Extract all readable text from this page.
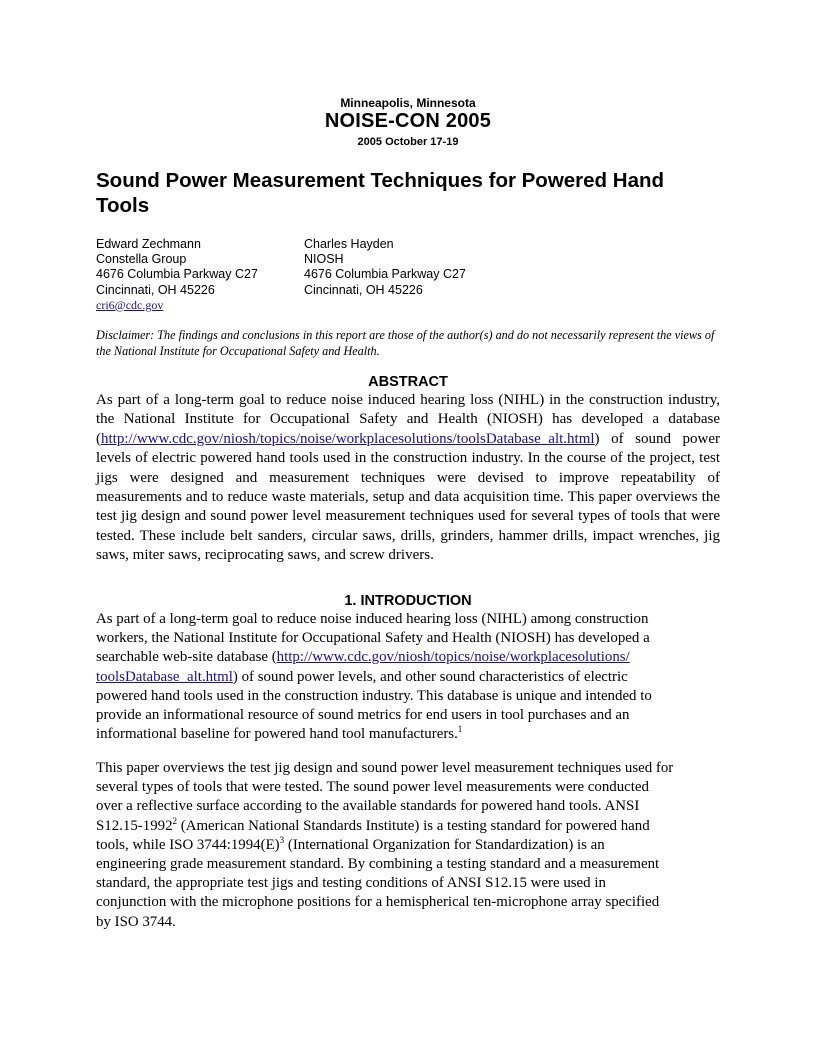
Minneapolis, Minnesota
NOISE-CON 2005
2005 October 17-19
Sound Power Measurement Techniques for Powered Hand Tools
Edward Zechmann
Constella Group
4676 Columbia Parkway C27
Cincinnati, OH 45226
cri6@cdc.gov
Charles Hayden
NIOSH
4676 Columbia Parkway C27
Cincinnati, OH 45226
Disclaimer: The findings and conclusions in this report are those of the author(s) and do not necessarily represent the views of the National Institute for Occupational Safety and Health.
ABSTRACT
As part of a long-term goal to reduce noise induced hearing loss (NIHL) in the construction industry, the National Institute for Occupational Safety and Health (NIOSH) has developed a database (http://www.cdc.gov/niosh/topics/noise/workplacesolutions/toolsDatabase_alt.html) of sound power levels of electric powered hand tools used in the construction industry. In the course of the project, test jigs were designed and measurement techniques were devised to improve repeatability of measurements and to reduce waste materials, setup and data acquisition time. This paper overviews the test jig design and sound power level measurement techniques used for several types of tools that were tested. These include belt sanders, circular saws, drills, grinders, hammer drills, impact wrenches, jig saws, miter saws, reciprocating saws, and screw drivers.
1. INTRODUCTION
As part of a long-term goal to reduce noise induced hearing loss (NIHL) among construction
workers, the National Institute for Occupational Safety and Health (NIOSH) has developed a
searchable web-site database (http://www.cdc.gov/niosh/topics/noise/workplacesolutions/
toolsDatabase_alt.html) of sound power levels, and other sound characteristics of electric
powered hand tools used in the construction industry. This database is unique and intended to
provide an informational resource of sound metrics for end users in tool purchases and an
informational baseline for powered hand tool manufacturers.$^1$
This paper overviews the test jig design and sound power level measurement techniques used for
several types of tools that were tested. The sound power level measurements were conducted
over a reflective surface according to the available standards for powered hand tools. ANSI
S12.15-1992$^2$ (American National Standards Institute) is a testing standard for powered hand
tools, while ISO $3744:1994(E)^3$ (International Organization for Standardization) is an
engineering grade measurement standard. By combining a testing standard and a measurement
standard, the appropriate test jigs and testing conditions of ANSI S12.15 were used in
conjunction with the microphone positions for a hemispherical ten-microphone array specified
by ISO 3744.
